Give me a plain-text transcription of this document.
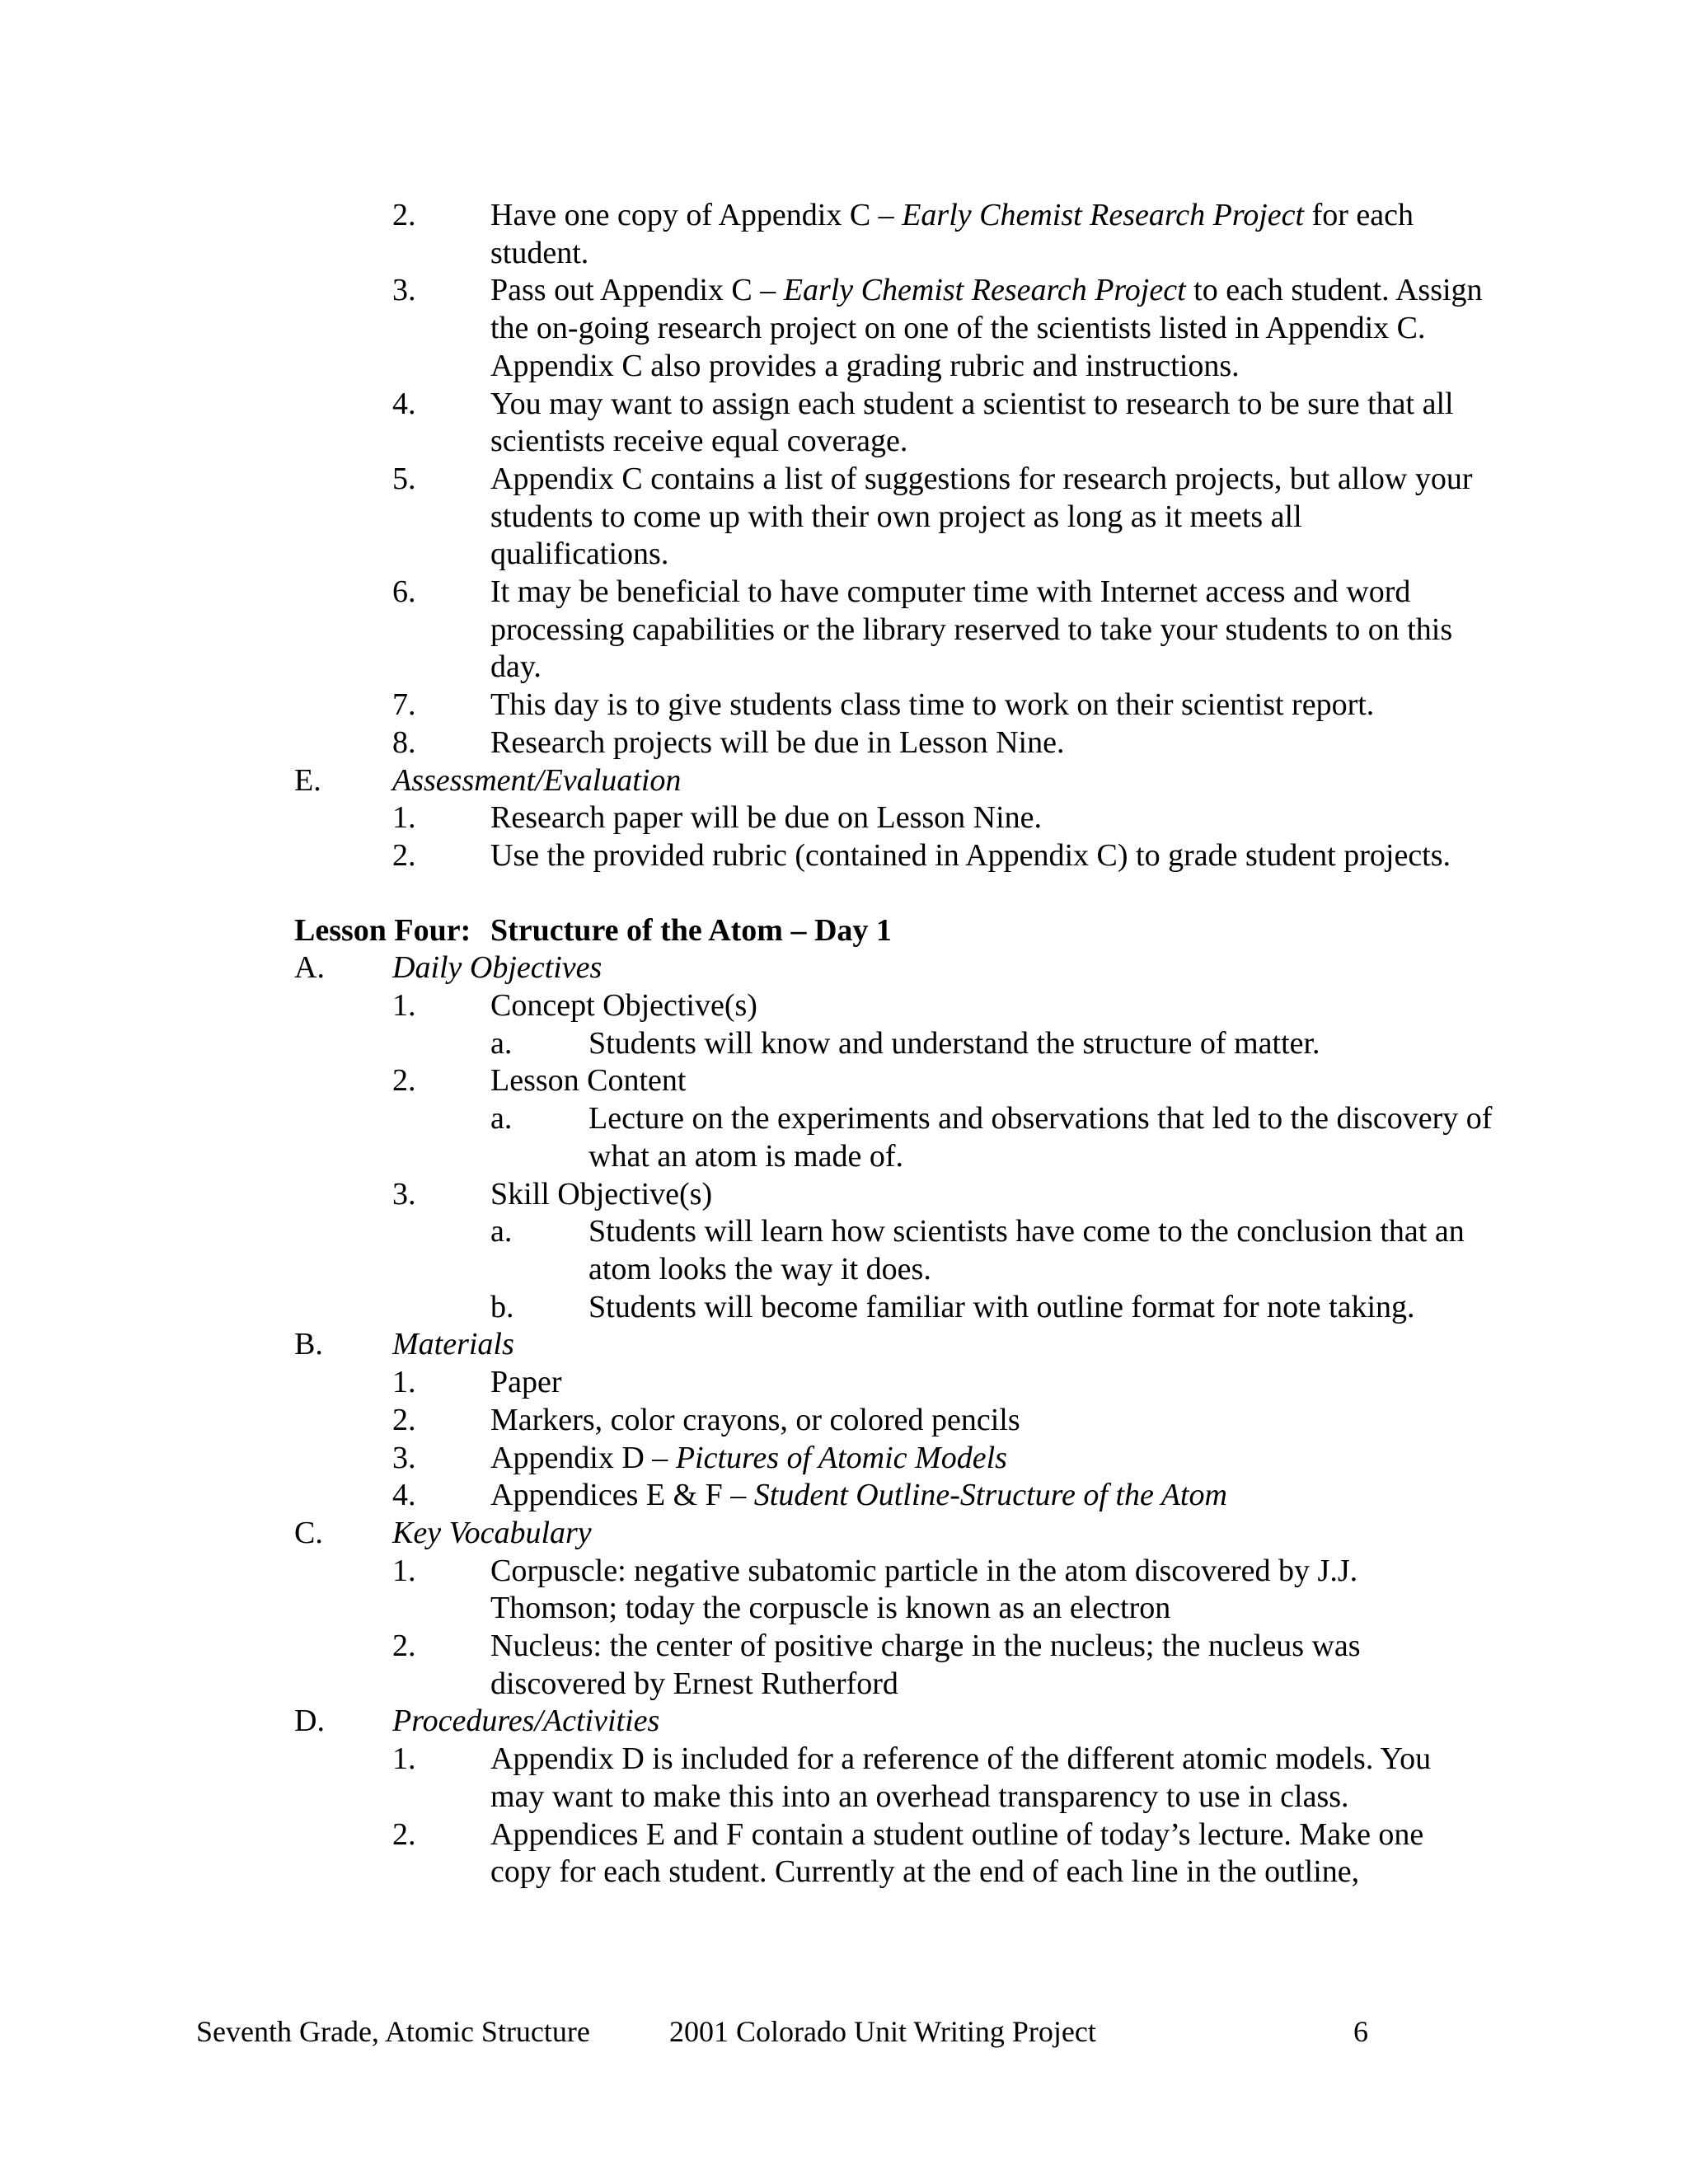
2. Have one copy of Appendix C – Early Chemist Research Project for each student.
3. Pass out Appendix C – Early Chemist Research Project to each student. Assign the on-going research project on one of the scientists listed in Appendix C. Appendix C also provides a grading rubric and instructions.
4. You may want to assign each student a scientist to research to be sure that all scientists receive equal coverage.
5. Appendix C contains a list of suggestions for research projects, but allow your students to come up with their own project as long as it meets all qualifications.
6. It may be beneficial to have computer time with Internet access and word processing capabilities or the library reserved to take your students to on this day.
7. This day is to give students class time to work on their scientist report.
8. Research projects will be due in Lesson Nine.
E. Assessment/Evaluation
1. Research paper will be due on Lesson Nine.
2. Use the provided rubric (contained in Appendix C) to grade student projects.
Lesson Four: Structure of the Atom – Day 1
A. Daily Objectives
1. Concept Objective(s)
a. Students will know and understand the structure of matter.
2. Lesson Content
a. Lecture on the experiments and observations that led to the discovery of what an atom is made of.
3. Skill Objective(s)
a. Students will learn how scientists have come to the conclusion that an atom looks the way it does.
b. Students will become familiar with outline format for note taking.
B. Materials
1. Paper
2. Markers, color crayons, or colored pencils
3. Appendix D – Pictures of Atomic Models
4. Appendices E & F – Student Outline-Structure of the Atom
C. Key Vocabulary
1. Corpuscle: negative subatomic particle in the atom discovered by J.J. Thomson; today the corpuscle is known as an electron
2. Nucleus: the center of positive charge in the nucleus; the nucleus was discovered by Ernest Rutherford
D. Procedures/Activities
1. Appendix D is included for a reference of the different atomic models. You may want to make this into an overhead transparency to use in class.
2. Appendices E and F contain a student outline of today’s lecture. Make one copy for each student. Currently at the end of each line in the outline,
Seventh Grade, Atomic Structure	2001 Colorado Unit Writing Project	6
